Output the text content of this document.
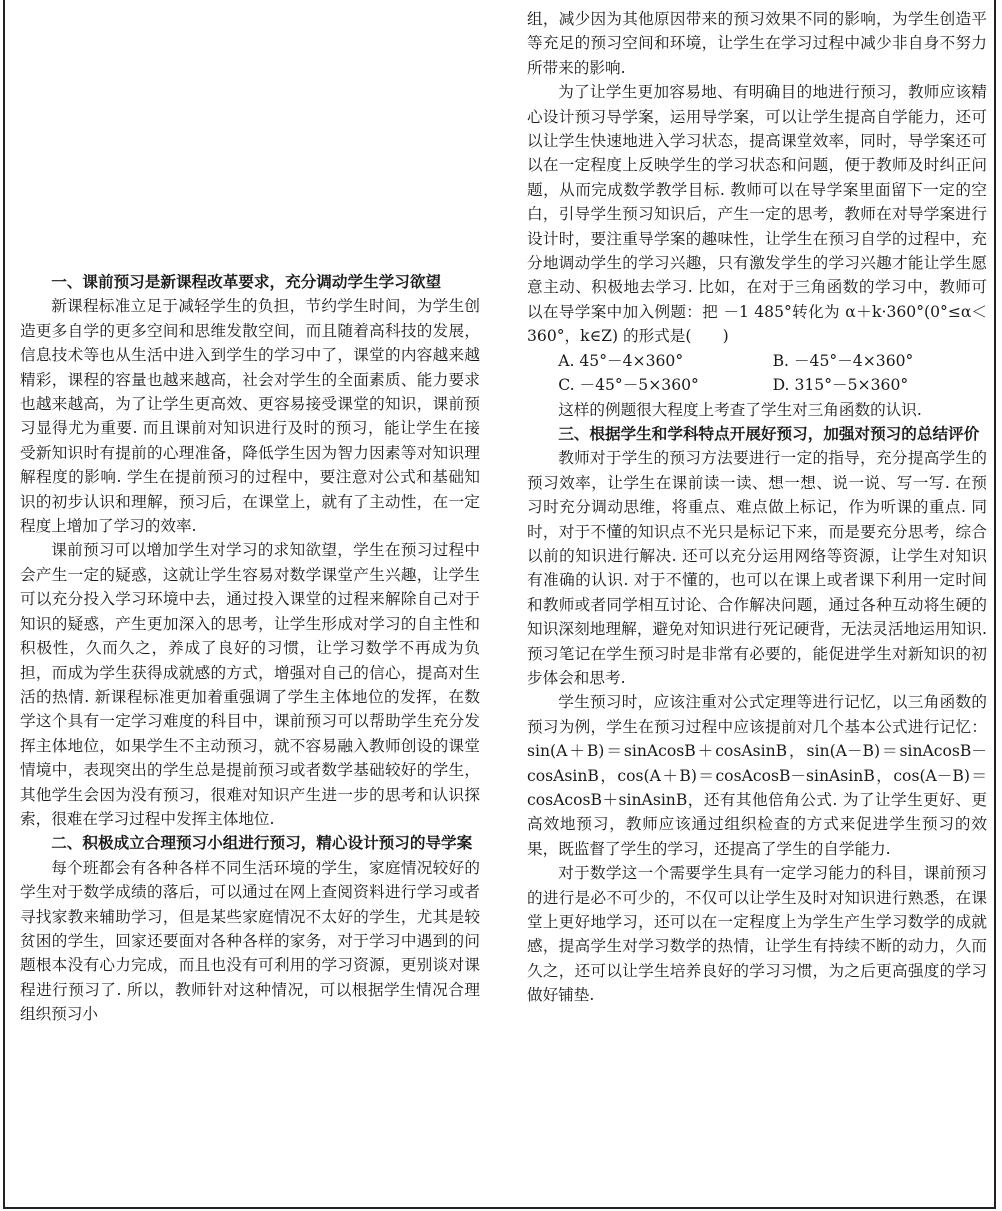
一、课前预习是新课程改革要求，充分调动学生学习欲望

新课程标准立足于减轻学生的负担，节约学生时间，为学生创造更多自学的更多空间和思维发散空间，而且随着高科技的发展，信息技术等也从生活中进入到学生的学习中了，课堂的内容越来越精彩，课程的容量也越来越高，社会对学生的全面素质、能力要求也越来越高，为了让学生更高效、更容易接受课堂的知识，课前预习显得尤为重要. 而且课前对知识进行及时的预习，能让学生在接受新知识时有提前的心理准备，降低学生因为智力因素等对知识理解程度的影响. 学生在提前预习的过程中，要注意对公式和基础知识的初步认识和理解，预习后，在课堂上，就有了主动性，在一定程度上增加了学习的效率.

课前预习可以增加学生对学习的求知欲望，学生在预习过程中会产生一定的疑惑，这就让学生容易对数学课堂产生兴趣，让学生可以充分投入学习环境中去，通过投入课堂的过程来解除自己对于知识的疑惑，产生更加深入的思考，让学生形成对学习的自主性和积极性，久而久之，养成了良好的习惯，让学习数学不再成为负担，而成为学生获得成就感的方式，增强对自己的信心，提高对生活的热情. 新课程标准更加着重强调了学生主体地位的发挥，在数学这个具有一定学习难度的科目中，课前预习可以帮助学生充分发挥主体地位，如果学生不主动预习，就不容易融入教师创设的课堂情境中，表现突出的学生总是提前预习或者数学基础较好的学生，其他学生会因为没有预习，很难对知识产生进一步的思考和认识探索，很难在学习过程中发挥主体地位.

二、积极成立合理预习小组进行预习，精心设计预习的导学案

每个班都会有各种各样不同生活环境的学生，家庭情况较好的学生对于数学成绩的落后，可以通过在网上查阅资料进行学习或者寻找家教来辅助学习，但是某些家庭情况不太好的学生，尤其是较贫困的学生，回家还要面对各种各样的家务，对于学习中遇到的问题根本没有心力完成，而且也没有可利用的学习资源，更别谈对课程进行预习了. 所以，教师针对这种情况，可以根据学生情况合理组织预习小

组，减少因为其他原因带来的预习效果不同的影响，为学生创造平等充足的预习空间和环境，让学生在学习过程中减少非自身不努力所带来的影响.

为了让学生更加容易地、有明确目的地进行预习，教师应该精心设计预习导学案，运用导学案，可以让学生提高自学能力，还可以让学生快速地进入学习状态，提高课堂效率，同时，导学案还可以在一定程度上反映学生的学习状态和问题，便于教师及时纠正问题，从而完成数学教学目标. 教师可以在导学案里面留下一定的空白，引导学生预习知识后，产生一定的思考，教师在对导学案进行设计时，要注重导学案的趣味性，让学生在预习自学的过程中，充分地调动学生的学习兴趣，只有激发学生的学习兴趣才能让学生愿意主动、积极地去学习. 比如，在对于三角函数的学习中，教师可以在导学案中加入例题：把 －1 485°转化为 α＋k·360°(0°≤α＜360°，k∈Z) 的形式是(　　)

A. 45°－4×360°	B. －45°－4×360°
C. －45°－5×360°	D. 315°－5×360°

这样的例题很大程度上考查了学生对三角函数的认识.

三、根据学生和学科特点开展好预习，加强对预习的总结评价

教师对于学生的预习方法要进行一定的指导，充分提高学生的预习效率，让学生在课前读一读、想一想、说一说、写一写. 在预习时充分调动思维，将重点、难点做上标记，作为听课的重点. 同时，对于不懂的知识点不光只是标记下来，而是要充分思考，综合以前的知识进行解决. 还可以充分运用网络等资源，让学生对知识有准确的认识. 对于不懂的，也可以在课上或者课下利用一定时间和教师或者同学相互讨论、合作解决问题，通过各种互动将生硬的知识深刻地理解，避免对知识进行死记硬背，无法灵活地运用知识. 预习笔记在学生预习时是非常有必要的，能促进学生对新知识的初步体会和思考.

学生预习时，应该注重对公式定理等进行记忆，以三角函数的预习为例，学生在预习过程中应该提前对几个基本公式进行记忆：sin(A＋B)＝sinAcosB＋cosAsinB，sin(A－B)＝sinAcosB－cosAsinB，cos(A＋B)＝cosAcosB－sinAsinB，cos(A－B)＝cosAcosB＋sinAsinB，还有其他倍角公式. 为了让学生更好、更高效地预习，教师应该通过组织检查的方式来促进学生预习的效果，既监督了学生的学习，还提高了学生的自学能力.

对于数学这一个需要学生具有一定学习能力的科目，课前预习的进行是必不可少的，不仅可以让学生及时对知识进行熟悉，在课堂上更好地学习，还可以在一定程度上为学生产生学习数学的成就感，提高学生对学习数学的热情，让学生有持续不断的动力，久而久之，还可以让学生培养良好的学习习惯，为之后更高强度的学习做好铺垫.
